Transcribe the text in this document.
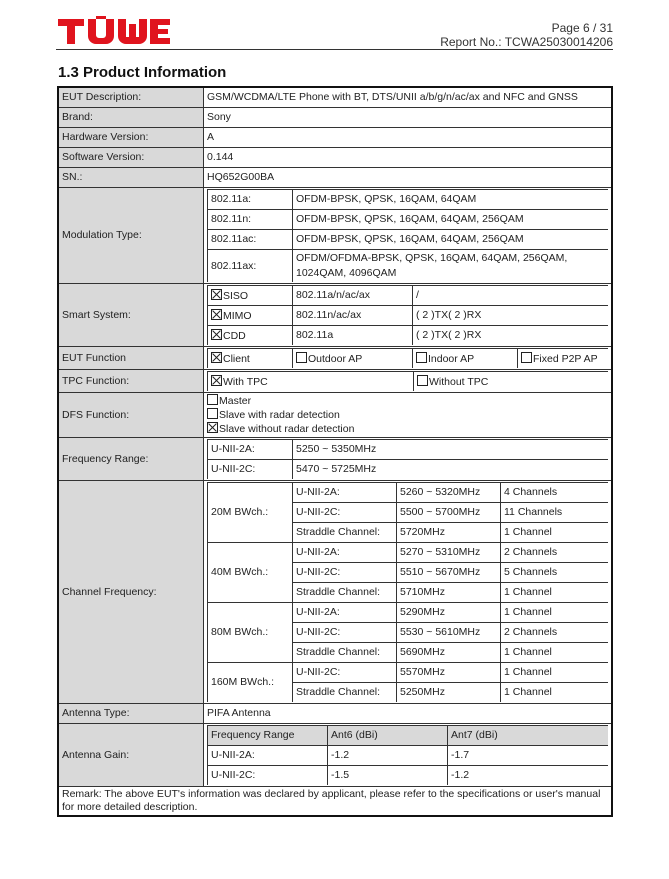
Page 6 / 31
Report No.: TCWA25030014206
1.3 Product Information
EUT Description:	GSM/WCDMA/LTE Phone with BT, DTS/UNII a/b/g/n/ac/ax and NFC and GNSS
Brand:	Sony
Hardware Version:	A
Software Version:	0.144
SN.:	HQ652G00BA
Modulation Type:	
802.11a:	OFDM-BPSK, QPSK, 16QAM, 64QAM
802.11n:	OFDM-BPSK, QPSK, 16QAM, 64QAM, 256QAM
802.11ac:	OFDM-BPSK, QPSK, 16QAM, 64QAM, 256QAM
802.11ax:	OFDM/OFDMA-BPSK, QPSK, 16QAM, 64QAM, 256QAM, 1024QAM, 4096QAM

Smart System:	
SISO	802.11a/n/ac/ax	/
MIMO	802.11n/ac/ax	( 2 )TX( 2 )RX
CDD	802.11a	( 2 )TX( 2 )RX

EUT Function		Client	Outdoor AP	Indoor AP	Fixed P2P AP

TPC Function:		With TPC	Without TPC

DFS Function:	
Master
Slave with radar detection
Slave without radar detection

Frequency Range:	
U-NII-2A:	5250 ~ 5350MHz
U-NII-2C:	5470 ~ 5725MHz

Channel Frequency:	
20M BWch.:	U-NII-2A:	5260 ~ 5320MHz	4 Channels
U-NII-2C:	5500 ~ 5700MHz	11 Channels
Straddle Channel:	5720MHz	1 Channel
40M BWch.:	U-NII-2A:	5270 ~ 5310MHz	2 Channels
U-NII-2C:	5510 ~ 5670MHz	5 Channels
Straddle Channel:	5710MHz	1 Channel
80M BWch.:	U-NII-2A:	5290MHz	1 Channel
U-NII-2C:	5530 ~ 5610MHz	2 Channels
Straddle Channel:	5690MHz	1 Channel
160M BWch.:	U-NII-2C:	5570MHz	1 Channel
Straddle Channel:	5250MHz	1 Channel

Antenna Type:	PIFA Antenna
Antenna Gain:	
Frequency Range	Ant6 (dBi)	Ant7 (dBi)
U-NII-2A:	-1.2	-1.7
U-NII-2C:	-1.5	-1.2

Remark: The above EUT's information was declared by applicant, please refer to the specifications or user's manual for more detailed description.
